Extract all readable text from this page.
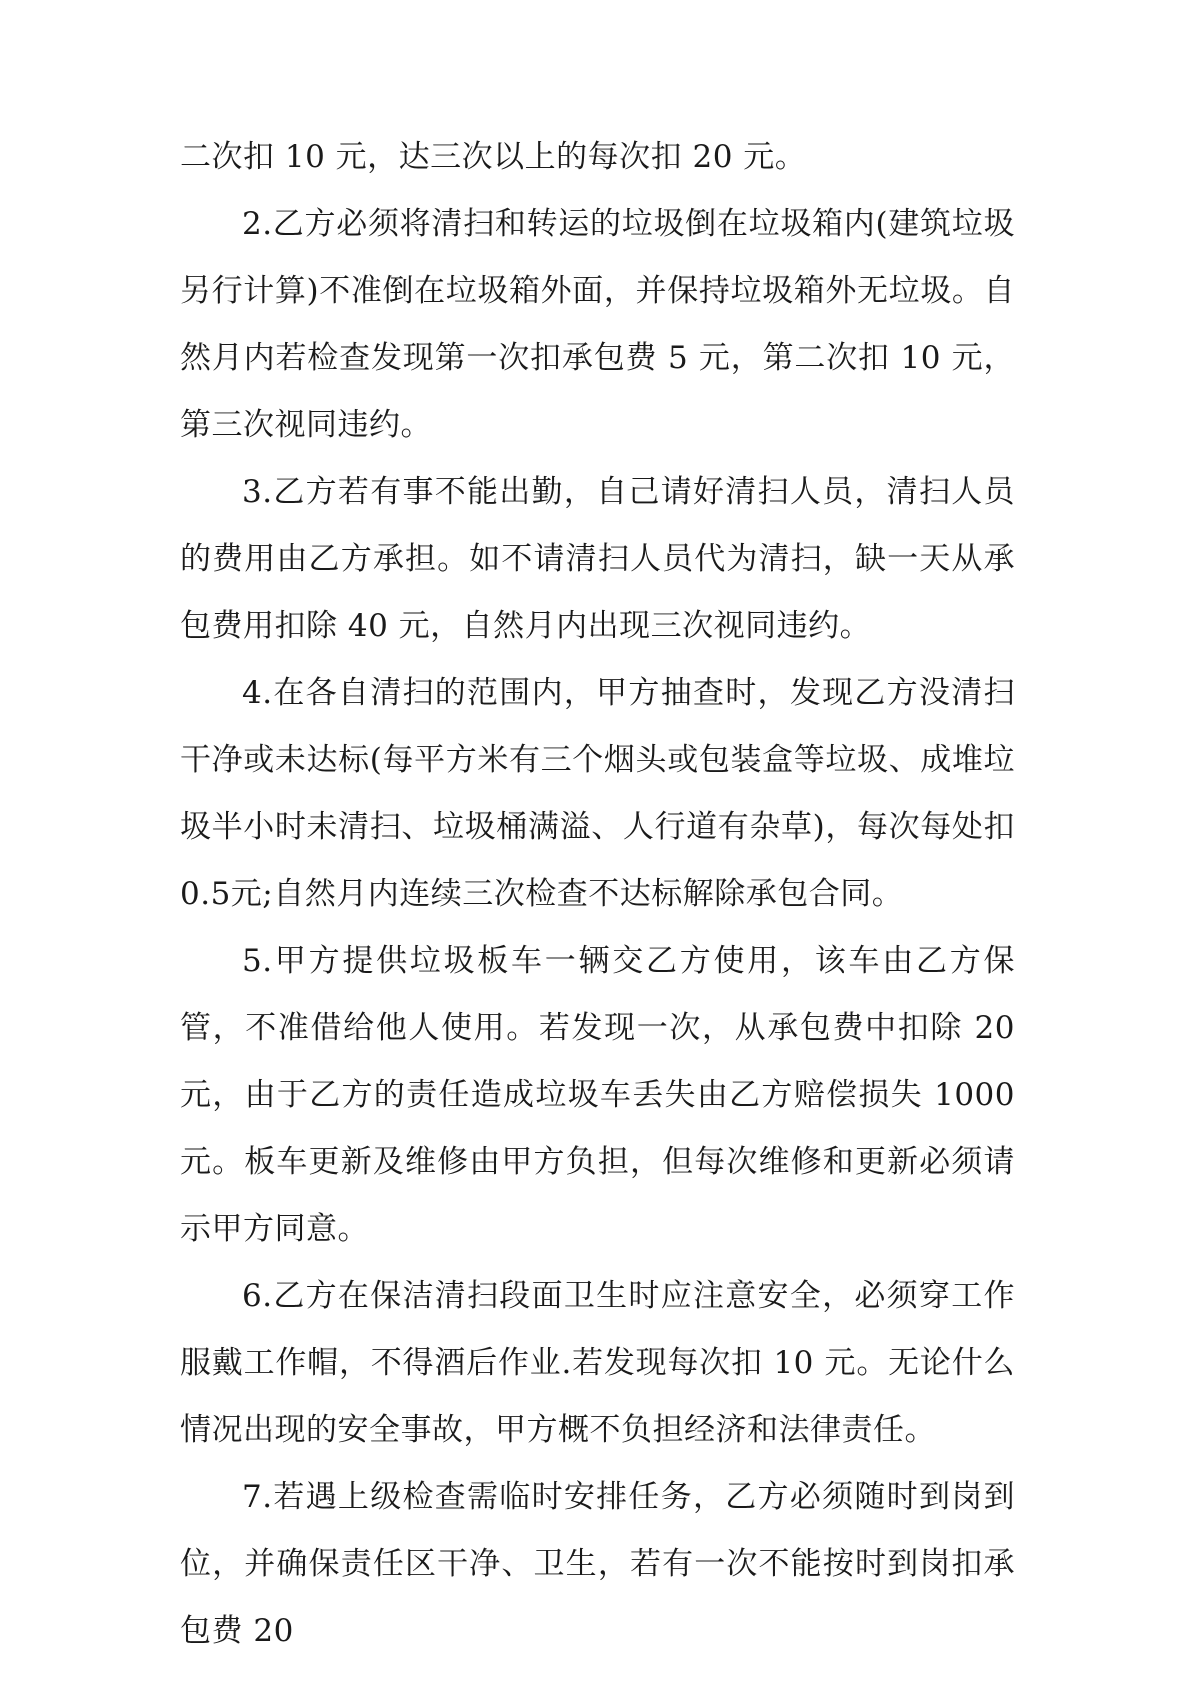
二次扣 10 元，达三次以上的每次扣 20 元。

2.乙方必须将清扫和转运的垃圾倒在垃圾箱内(建筑垃圾另行计算)不准倒在垃圾箱外面，并保持垃圾箱外无垃圾。自然月内若检查发现第一次扣承包费 5 元，第二次扣 10 元，第三次视同违约。

3.乙方若有事不能出勤，自己请好清扫人员，清扫人员的费用由乙方承担。如不请清扫人员代为清扫，缺一天从承包费用扣除 40 元，自然月内出现三次视同违约。

4.在各自清扫的范围内，甲方抽查时，发现乙方没清扫干净或未达标(每平方米有三个烟头或包装盒等垃圾、成堆垃圾半小时未清扫、垃圾桶满溢、人行道有杂草)，每次每处扣 0.5元;自然月内连续三次检查不达标解除承包合同。

5.甲方提供垃圾板车一辆交乙方使用，该车由乙方保管，不准借给他人使用。若发现一次，从承包费中扣除 20 元，由于乙方的责任造成垃圾车丢失由乙方赔偿损失 1000 元。板车更新及维修由甲方负担，但每次维修和更新必须请示甲方同意。

6.乙方在保洁清扫段面卫生时应注意安全，必须穿工作服戴工作帽，不得酒后作业.若发现每次扣 10 元。无论什么情况出现的安全事故，甲方概不负担经济和法律责任。

7.若遇上级检查需临时安排任务，乙方必须随时到岗到位，并确保责任区干净、卫生，若有一次不能按时到岗扣承包费 20
